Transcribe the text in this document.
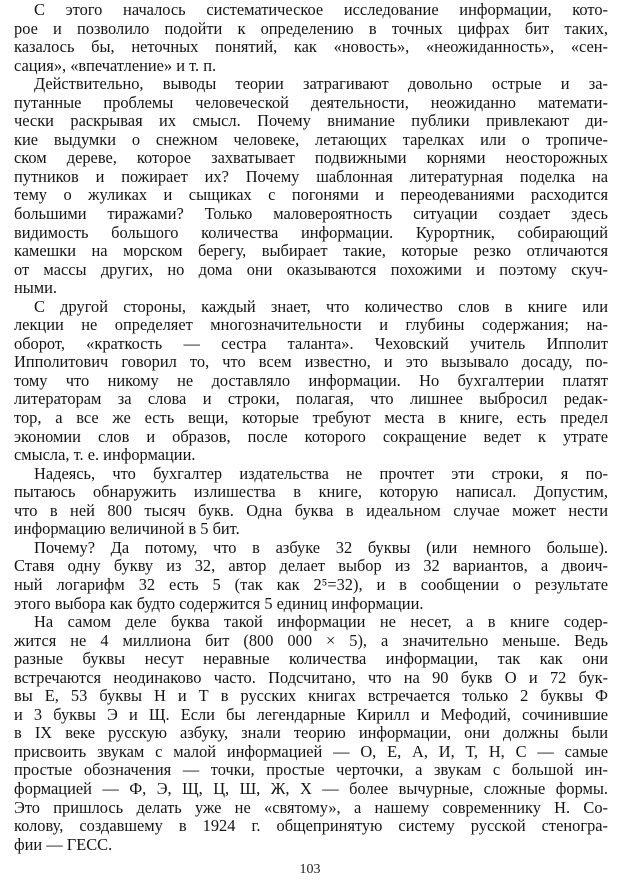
С этого началось систематическое исследование информации, кото-
рое и позволило подойти к определению в точных цифрах бит таких,
казалось бы, неточных понятий, как «новость», «неожиданность», «сен-
сация», «впечатление» и т. п.
Действительно, выводы теории затрагивают довольно острые и за-
путанные проблемы человеческой деятельности, неожиданно математи-
чески раскрывая их смысл. Почему внимание публики привлекают ди-
кие выдумки о снежном человеке, летающих тарелках или о тропиче-
ском дереве, которое захватывает подвижными корнями неосторожных
путников и пожирает их? Почему шаблонная литературная поделка на
тему о жуликах и сыщиках с погонями и переодеваниями расходится
большими тиражами? Только маловероятность ситуации создает здесь
видимость большого количества информации. Курортник, собирающий
камешки на морском берегу, выбирает такие, которые резко отличаются
от массы других, но дома они оказываются похожими и поэтому скуч-
ными.
С другой стороны, каждый знает, что количество слов в книге или
лекции не определяет многозначительности и глубины содержания; на-
оборот, «краткость — сестра таланта». Чеховский учитель Ипполит
Ипполитович говорил то, что всем известно, и это вызывало досаду, по-
тому что никому не доставляло информации. Но бухгалтерии платят
литераторам за слова и строки, полагая, что лишнее выбросил редак-
тор, а все же есть вещи, которые требуют места в книге, есть предел
экономии слов и образов, после которого сокращение ведет к утрате
смысла, т. е. информации.
Надеясь, что бухгалтер издательства не прочтет эти строки, я по-
пытаюсь обнаружить излишества в книге, которую написал. Допустим,
что в ней 800 тысяч букв. Одна буква в идеальном случае может нести
информацию величиной в 5 бит.
Почему? Да потому, что в азбуке 32 буквы (или немного больше).
Ставя одну букву из 32, автор делает выбор из 32 вариантов, а двоич-
ный логарифм 32 есть 5 (так как 2⁵=32), и в сообщении о результате
этого выбора как будто содержится 5 единиц информации.
На самом деле буква такой информации не несет, а в книге содер-
жится не 4 миллиона бит (800 000 × 5), а значительно меньше. Ведь
разные буквы несут неравные количества информации, так как они
встречаются неодинаково часто. Подсчитано, что на 90 букв О и 72 бук-
вы Е, 53 буквы Н и Т в русских книгах встречается только 2 буквы Ф
и 3 буквы Э и Щ. Если бы легендарные Кирилл и Мефодий, сочинившие
в IX веке русскую азбуку, знали теорию информации, они должны были
присвоить звукам с малой информацией — О, Е, А, И, Т, Н, С — самые
простые обозначения — точки, простые черточки, а звукам с большой ин-
формацией — Ф, Э, Щ, Ц, Ш, Ж, Х — более вычурные, сложные формы.
Это пришлось делать уже не «святому», а нашему современнику Н. Со-
колову, создавшему в 1924 г. общепринятую систему русской стеногра-
фии — ГЕСС.
103
